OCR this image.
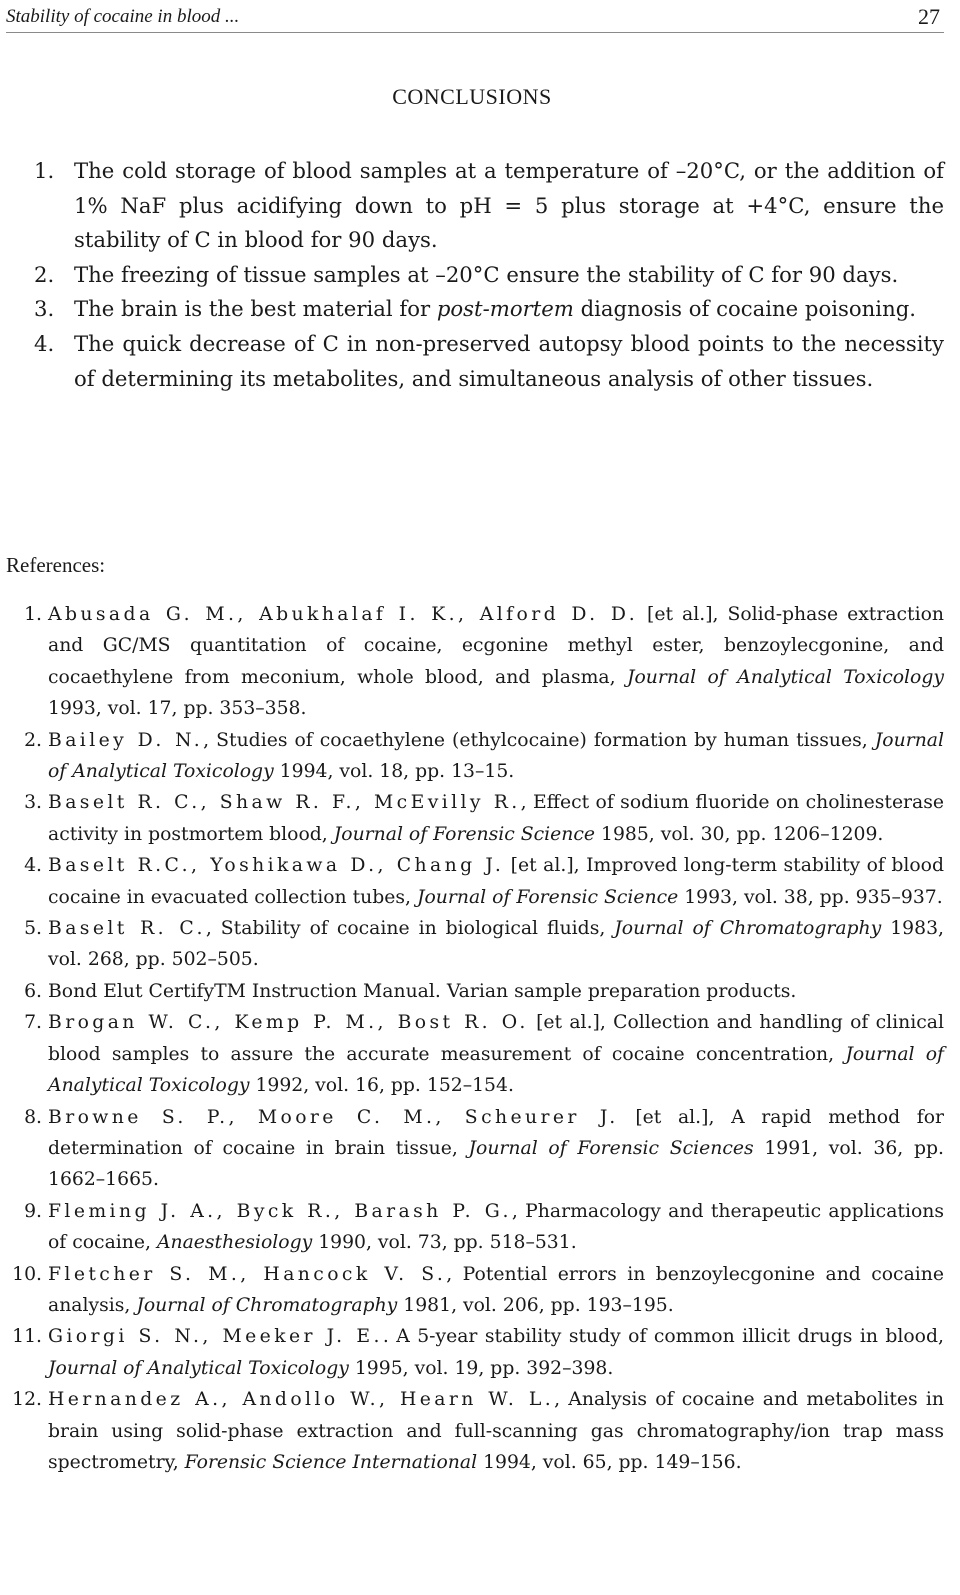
Stability of cocaine in blood ...	27
CONCLUSIONS
1. The cold storage of blood samples at a temperature of –20°C, or the addition of 1% NaF plus acidifying down to pH = 5 plus storage at +4°C, ensure the stability of C in blood for 90 days.
2. The freezing of tissue samples at –20°C ensure the stability of C for 90 days.
3. The brain is the best material for post-mortem diagnosis of cocaine poisoning.
4. The quick decrease of C in non-preserved autopsy blood points to the necessity of determining its metabolites, and simultaneous analysis of other tissues.
References:
1. Abusada G. M., Abukhalaf I. K., Alford D. D. [et al.], Solid-phase extraction and GC/MS quantitation of cocaine, ecgonine methyl ester, benzoylecgonine, and cocaethylene from meconium, whole blood, and plasma, Journal of Analytical Toxicology 1993, vol. 17, pp. 353–358.
2. Bailey D. N., Studies of cocaethylene (ethylcocaine) formation by human tissues, Journal of Analytical Toxicology 1994, vol. 18, pp. 13–15.
3. Baselt R. C., Shaw R. F., McEvilly R., Effect of sodium fluoride on cholinesterase activity in postmortem blood, Journal of Forensic Science 1985, vol. 30, pp. 1206–1209.
4. Baselt R.C., Yoshikawa D., Chang J. [et al.], Improved long-term stability of blood cocaine in evacuated collection tubes, Journal of Forensic Science 1993, vol. 38, pp. 935–937.
5. Baselt R. C., Stability of cocaine in biological fluids, Journal of Chromatography 1983, vol. 268, pp. 502–505.
6. Bond Elut CertifyTM Instruction Manual. Varian sample preparation products.
7. Brogan W. C., Kemp P. M., Bost R. O. [et al.], Collection and handling of clinical blood samples to assure the accurate measurement of cocaine concentration, Journal of Analytical Toxicology 1992, vol. 16, pp. 152–154.
8. Browne S. P., Moore C. M., Scheurer J. [et al.], A rapid method for determination of cocaine in brain tissue, Journal of Forensic Sciences 1991, vol. 36, pp. 1662–1665.
9. Fleming J. A., Byck R., Barash P. G., Pharmacology and therapeutic applications of cocaine, Anaesthesiology 1990, vol. 73, pp. 518–531.
10. Fletcher S. M., Hancock V. S., Potential errors in benzoylecgonine and cocaine analysis, Journal of Chromatography 1981, vol. 206, pp. 193–195.
11. Giorgi S. N., Meeker J. E.. A 5-year stability study of common illicit drugs in blood, Journal of Analytical Toxicology 1995, vol. 19, pp. 392–398.
12. Hernandez A., Andollo W., Hearn W. L., Analysis of cocaine and metabolites in brain using solid-phase extraction and full-scanning gas chromatography/ion trap mass spectrometry, Forensic Science International 1994, vol. 65, pp. 149–156.
